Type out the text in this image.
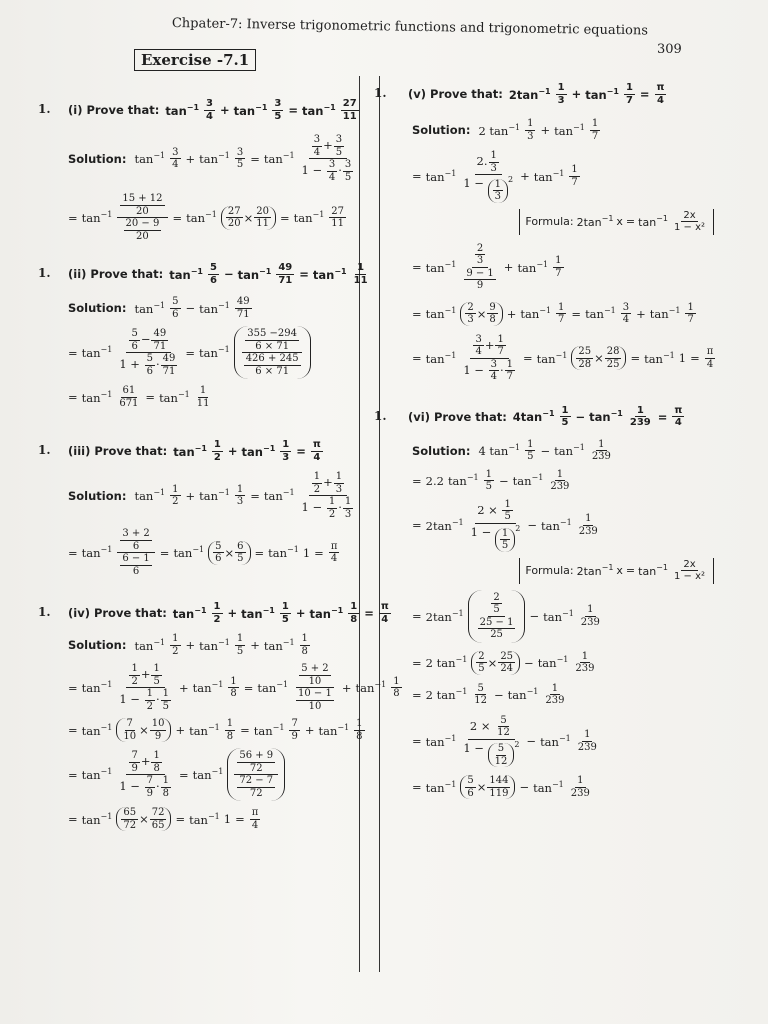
Chpater-7: Inverse trigonometric functions and trigonometric equations
309
Exercise -7.1
1. (i) Prove that: $\tan^{-1} \frac{3}{4} + \tan^{-1} \frac{3}{5} = \tan^{-1} \frac{27}{11}$
Solution: $\tan^{-1} \frac{3}{4} + \tan^{-1} \frac{3}{5} = \tan^{-1} \frac{\frac{3}{4} + \frac{3}{5}}{1 - \frac{3}{4} \cdot \frac{3}{5}}$
= $\tan^{-1} \frac{\frac{15 + 12}{20}}{\frac{20 - 9}{20}} = \tan^{-1} \frac{27}{20} \times \frac{20}{11} = \tan^{-1} \frac{27}{11}$
1. (ii) Prove that: $\tan^{-1} \frac{5}{6} - \tan^{-1} \frac{49}{71} = \tan^{-1} \frac{1}{11}$
Solution: $\tan^{-1} \frac{5}{6} - \tan^{-1} \frac{49}{71}$
= $\tan^{-1} \frac{\frac{5}{6} - \frac{49}{71}}{1 + \frac{5}{6} \cdot \frac{49}{71}} = \tan^{-1} \frac{\frac{355 -294}{6 \times 71}}{\frac{426 + 245}{6 \times 71}}$
= $\tan^{-1} \frac{61}{671} = \tan^{-1} \frac{1}{11}$
1. (iii) Prove that: $\tan^{-1} \frac{1}{2} + \tan^{-1} \frac{1}{3} = \frac{\pi}{4}$
Solution: $\tan^{-1} \frac{1}{2} + \tan^{-1} \frac{1}{3} = \tan^{-1} \frac{\frac{1}{2} + \frac{1}{3}}{1 - \frac{1}{2} \cdot \frac{1}{3}}$
= $\tan^{-1} \frac{\frac{3 + 2}{6}}{\frac{6 - 1}{6}} = \tan^{-1} \frac{5}{6} \times \frac{6}{5} = \tan^{-1} 1 = \frac{\pi}{4}$
1. (iv) Prove that: $\tan^{-1} \frac{1}{2} + \tan^{-1} \frac{1}{5} + \tan^{-1} \frac{1}{8} = \frac{\pi}{4}$
Solution: $\tan^{-1} \frac{1}{2} + \tan^{-1} \frac{1}{5} + \tan^{-1} \frac{1}{8}$
= $\tan^{-1} \frac{\frac{1}{2} + \frac{1}{5}}{1 - \frac{1}{2} \cdot \frac{1}{5}} + \tan^{-1} \frac{1}{8} = \tan^{-1} \frac{\frac{5 + 2}{10}}{\frac{10 - 1}{10}} + \tan^{-1} \frac{1}{8}$
= $\tan^{-1} \frac{7}{10} \times \frac{10}{9} + \tan^{-1} \frac{1}{8} = \tan^{-1} \frac{7}{9} + \tan^{-1} \frac{1}{8}$
= $\tan^{-1} \frac{\frac{7}{9} + \frac{1}{8}}{1 - \frac{7}{9} \cdot \frac{1}{8}} = \tan^{-1} \frac{\frac{56 + 9}{72}}{\frac{72 - 7}{72}}$
= $\tan^{-1} \frac{65}{72} \times \frac{72}{65} = \tan^{-1} 1 = \frac{\pi}{4}$
1. (v) Prove that: $2\tan^{-1} \frac{1}{3} + \tan^{-1} \frac{1}{7} = \frac{\pi}{4}$
Solution: 2 $\tan^{-1} \frac{1}{3} + \tan^{-1} \frac{1}{7}$
= $\tan^{-1} \frac{2. \frac{1}{3}}{1 - \frac{1}{3} ^2} + \tan^{-1} \frac{1}{7}$
Formula: $2\tan^{-1}$ $x = \tan^{-1} \frac{2x}{\text{1 − x²}}$
= $\tan^{-1} \frac{\frac{2}{3}}{\frac{9 - 1}{9}} + \tan^{-1} \frac{1}{7}$
= $\tan^{-1} \frac{2}{3} \times \frac{9}{8} + \tan^{-1} \frac{1}{7} = \tan^{-1} \frac{3}{4} + \tan^{-1} \frac{1}{7}$
= $\tan^{-1} \frac{\frac{3}{4} + \frac{1}{7}}{1 - \frac{3}{4} \cdot \frac{1}{7}} = \tan^{-1} \frac{25}{28} \times \frac{28}{25} = \tan^{-1} 1 = \frac{\pi}{4}$
1. (vi) Prove that: $4\tan^{-1} \frac{1}{5} - \tan^{-1} \frac{1}{239} = \frac{\pi}{4}$
Solution: 4 $\tan^{-1} \frac{1}{5} - \tan^{-1} \frac{1}{239}$
= 2.2 $\tan^{-1} \frac{1}{5} - \tan^{-1} \frac{1}{239}$
= $2\tan^{-1} \frac{2 \times \frac{1}{5}}{1 - \frac{1}{5} ^2} - \tan^{-1} \frac{1}{239}$
Formula: $2\tan^{-1}$ $x = \tan^{-1} \frac{2x}{\text{1 − x²}}$
= $2\tan^{-1} \frac{\frac{2}{5}}{\frac{25 - 1}{25}} - \tan^{-1} \frac{1}{239}$
= 2 $\tan^{-1} \frac{2}{5} \times \frac{25}{24} - \tan^{-1} \frac{1}{239}$
= 2 $\tan^{-1} \frac{5}{12} - \tan^{-1} \frac{1}{239}$
= $\tan^{-1} \frac{2 \times \frac{5}{12}}{1 - \frac{5}{12} ^2} - \tan^{-1} \frac{1}{239}$
= $\tan^{-1} \frac{5}{6} \times \frac{144}{119} - \tan^{-1} \frac{1}{239}$
